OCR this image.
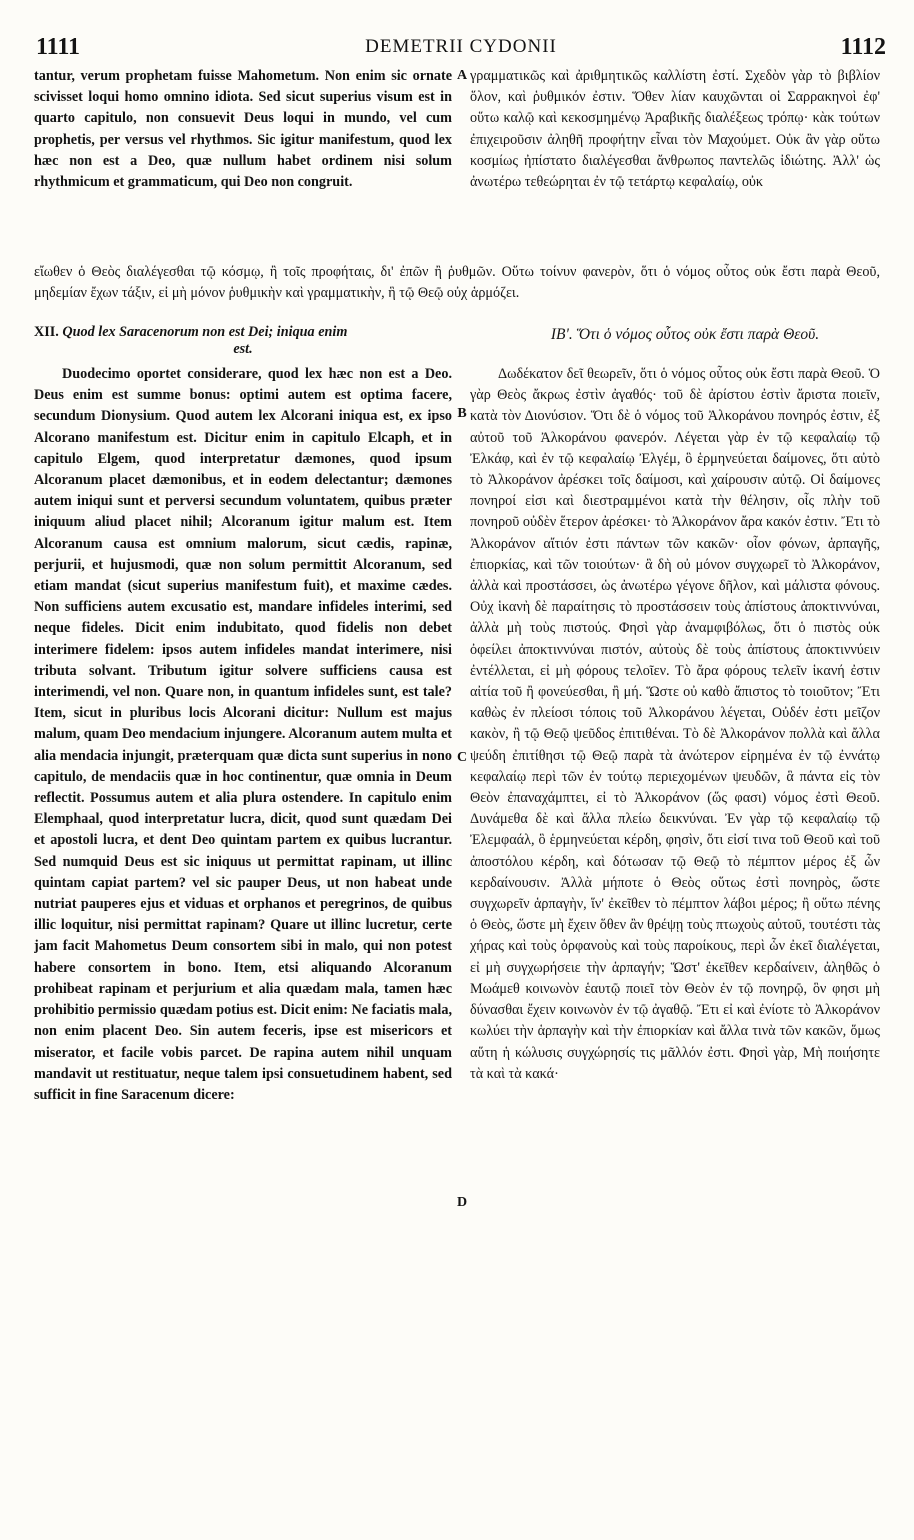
1111	DEMETRII CYDONII	1112

tantur, verum prophetam fuisse Mahometum. Non enim sic ornate scivisset loqui homo omnino idiota. Sed sicut superius visum est in quarto capitulo, non consuevit Deus loqui in mundo, vel cum prophetis, per versus vel rhythmos. Sic igitur manifestum, quod lex hæc non est a Deo, quæ nullum habet ordinem nisi solum rhythmicum et grammaticum, qui Deo non congruit.

γραμματικῶς καὶ ἀριθμητικῶς καλλίστη ἐστί. Σχεδὸν γὰρ τὸ βιβλίον ὅλον, καὶ ῥυθμικόν ἐστιν. Ὅθεν λίαν καυχῶνται οἱ Σαρρακηνοὶ ἐφ' οὕτω καλῷ καὶ κεκοσμημένῳ Ἀραβικῆς διαλέξεως τρόπῳ· κὰκ τούτων ἐπιχειροῦσιν ἀληθῆ προφήτην εἶναι τὸν Μαχούμετ. Οὐκ ἂν γὰρ οὕτω κοσμίως ἠπίστατο διαλέγεσθαι ἄνθρωπος παντελῶς ἰδιώτης. Ἀλλ' ὡς ἀνωτέρω τεθεώρηται ἐν τῷ τετάρτῳ κεφαλαίῳ, οὐκ

εἴωθεν ὁ Θεὸς διαλέγεσθαι τῷ κόσμῳ, ἢ τοῖς προφήταις, δι' ἐπῶν ἢ ῥυθμῶν. Οὕτω τοίνυν φανερὸν, ὅτι ὁ νόμος οὗτος οὐκ ἔστι παρὰ Θεοῦ, μηδεμίαν ἔχων τάξιν, εἰ μὴ μόνον ῥυθμικὴν καὶ γραμματικὴν, ἣ τῷ Θεῷ οὐχ ἁρμόζει.

XII. Quod lex Saracenorum non est Dei; iniqua enim
est.
ΙΒ'. Ὅτι ὁ νόμος οὗτος οὐκ ἔστι παρὰ Θεοῦ.

Duodecimo oportet considerare, quod lex hæc non est a Deo. Deus enim est summe bonus: optimi autem est optima facere, secundum Dionysium. Quod autem lex Alcorani iniqua est, ex ipso Alcorano manifestum est. Dicitur enim in capitulo Elcaph, et in capitulo Elgem, quod interpretatur dæmones, quod ipsum Alcoranum placet dæmonibus, et in eodem delectantur; dæmones autem iniqui sunt et perversi secundum voluntatem, quibus præter iniquum aliud placet nihil; Alcoranum igitur malum est. Item Alcoranum causa est omnium malorum, sicut cædis, rapinæ, perjurii, et hujusmodi, quæ non solum permittit Alcoranum, sed etiam mandat (sicut superius manifestum fuit), et maxime cædes. Non sufficiens autem excusatio est, mandare infideles interimi, sed neque fideles. Dicit enim indubitato, quod fidelis non debet interimere fidelem: ipsos autem infideles mandat interimere, nisi tributa solvant. Tributum igitur solvere sufficiens causa est interimendi, vel non. Quare non, in quantum infideles sunt, est tale? Item, sicut in pluribus locis Alcorani dicitur: Nullum est majus malum, quam Deo mendacium injungere. Alcoranum autem multa et alia mendacia injungit, præterquam quæ dicta sunt superius in nono capitulo, de mendaciis quæ in hoc continentur, quæ omnia in Deum reflectit. Possumus autem et alia plura ostendere. In capitulo enim Elemphaal, quod interpretatur lucra, dicit, quod sunt quædam Dei et apostoli lucra, et dent Deo quintam partem ex quibus lucrantur. Sed numquid Deus est sic iniquus ut permittat rapinam, ut illinc quintam capiat partem? vel sic pauper Deus, ut non habeat unde nutriat pauperes ejus et viduas et orphanos et peregrinos, de quibus illic loquitur, nisi permittat rapinam? Quare ut illinc lucretur, certe jam facit Mahometus Deum consortem sibi in malo, qui non potest habere consortem in bono. Item, etsi aliquando Alcoranum prohibeat rapinam et perjurium et alia quædam mala, tamen hæc prohibitio permissio quædam potius est. Dicit enim: Ne faciatis mala, non enim placent Deo. Sin autem feceris, ipse est misericors et miserator, et facile vobis parcet. De rapina autem nihil unquam mandavit ut restituatur, neque talem ipsi consuetudinem habent, sed sufficit in fine Saracenum dicere:

Δωδέκατον δεῖ θεωρεῖν, ὅτι ὁ νόμος οὗτος οὐκ ἔστι παρὰ Θεοῦ. Ὁ γὰρ Θεὸς ἄκρως ἐστὶν ἀγαθός· τοῦ δὲ ἀρίστου ἐστὶν ἄριστα ποιεῖν, κατὰ τὸν Διονύσιον. Ὅτι δὲ ὁ νόμος τοῦ Ἀλκοράνου πονηρός ἐστιν, ἐξ αὐτοῦ τοῦ Ἀλκοράνου φανερόν. Λέγεται γὰρ ἐν τῷ κεφαλαίῳ τῷ Ἐλκάφ, καὶ ἐν τῷ κεφαλαίῳ Ἐλγέμ, ὃ ἑρμηνεύεται δαίμονες, ὅτι αὐτὸ τὸ Ἀλκοράνον ἀρέσκει τοῖς δαίμοσι, καὶ χαίρουσιν αὐτῷ. Οἱ δαίμονες πονηροί εἰσι καὶ διεστραμμένοι κατὰ τὴν θέλησιν, οἷς πλὴν τοῦ πονηροῦ οὐδὲν ἕτερον ἀρέσκει· τὸ Ἀλκοράνον ἄρα κακόν ἐστιν. Ἔτι τὸ Ἀλκοράνον αἴτιόν ἐστι πάντων τῶν κακῶν· οἷον φόνων, ἁρπαγῆς, ἐπιορκίας, καὶ τῶν τοιούτων· ἃ δὴ οὐ μόνον συγχωρεῖ τὸ Ἀλκοράνον, ἀλλὰ καὶ προστάσσει, ὡς ἀνωτέρω γέγονε δῆλον, καὶ μάλιστα φόνους. Οὐχ ἱκανὴ δὲ παραίτησις τὸ προστάσσειν τοὺς ἀπίστους ἀποκτιννύναι, ἀλλὰ μὴ τοὺς πιστούς. Φησὶ γὰρ ἀναμφιβόλως, ὅτι ὁ πιστὸς οὐκ ὀφείλει ἀποκτιννύναι πιστόν, αὐτοὺς δὲ τοὺς ἀπίστους ἀποκτιννύειν ἐντέλλεται, εἰ μὴ φόρους τελοῖεν. Τὸ ἄρα φόρους τελεῖν ἱκανή ἐστιν αἰτία τοῦ ἢ φονεύεσθαι, ἢ μή. Ὥστε οὐ καθὸ ἄπιστος τὸ τοιοῦτον; Ἔτι καθὼς ἐν πλείοσι τόποις τοῦ Ἀλκοράνου λέγεται, Οὐδέν ἐστι μεῖζον κακὸν, ἢ τῷ Θεῷ ψεῦδος ἐπιτιθέναι. Τὸ δὲ Ἀλκοράνον πολλὰ καὶ ἄλλα ψεύδη ἐπιτίθησι τῷ Θεῷ παρὰ τὰ ἀνώτερον εἰρημένα ἐν τῷ ἐννάτῳ κεφαλαίῳ περὶ τῶν ἐν τούτῳ περιεχομένων ψευδῶν, ἃ πάντα εἰς τὸν Θεὸν ἐπαναχάμπτει, εἰ τὸ Ἀλκοράνον (ὥς φασι) νόμος ἐστὶ Θεοῦ. Δυνάμεθα δὲ καὶ ἄλλα πλείω δεικνύναι. Ἐν γὰρ τῷ κεφαλαίῳ τῷ Ἐλεμφαάλ, ὃ ἑρμηνεύεται κέρδη, φησὶν, ὅτι εἰσί τινα τοῦ Θεοῦ καὶ τοῦ ἀποστόλου κέρδη, καὶ δότωσαν τῷ Θεῷ τὸ πέμπτον μέρος ἐξ ὧν κερδαίνουσιν. Ἀλλὰ μήποτε ὁ Θεὸς οὕτως ἐστὶ πονηρὸς, ὥστε συγχωρεῖν ἁρπαγὴν, ἵν' ἐκεῖθεν τὸ πέμπτον λάβοι μέρος; ἢ οὕτω πένης ὁ Θεὸς, ὥστε μὴ ἔχειν ὅθεν ἂν θρέψῃ τοὺς πτωχοὺς αὐτοῦ, τουτέστι τὰς χήρας καὶ τοὺς ὀρφανοὺς καὶ τοὺς παροίκους, περὶ ὧν ἐκεῖ διαλέγεται, εἰ μὴ συγχωρήσειε τὴν ἁρπαγήν; Ὥστ' ἐκεῖθεν κερδαίνειν, ἀληθῶς ὁ Μωάμεθ κοινωνὸν ἑαυτῷ ποιεῖ τὸν Θεὸν ἐν τῷ πονηρῷ, ὃν φησι μὴ δύνασθαι ἔχειν κοινωνὸν ἐν τῷ ἀγαθῷ. Ἔτι εἰ καὶ ἐνίοτε τὸ Ἀλκοράνον κωλύει τὴν ἁρπαγὴν καὶ τὴν ἐπιορκίαν καὶ ἄλλα τινὰ τῶν κακῶν, ὅμως αὕτη ἡ κώλυσις συγχώρησίς τις μᾶλλόν ἐστι. Φησὶ γὰρ, Μὴ ποιήσητε τὰ καὶ τὰ κακά·

A
B
C
D
